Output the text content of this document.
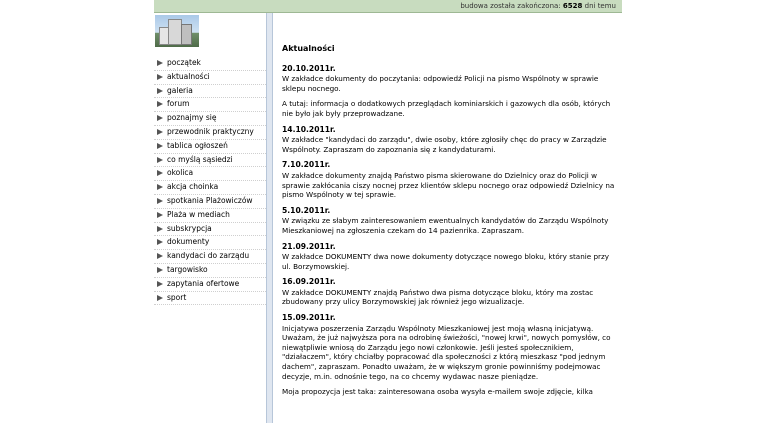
budowa została zakończona: 6528 dni temu
początek
aktualności
galeria
forum
poznajmy się
przewodnik praktyczny
tablica ogłoszeń
co myślą sąsiedzi
okolica
akcja choinka
spotkania Plażowiczów
Plaża w mediach
subskrypcja
dokumenty
kandydaci do zarządu
targowisko
zapytania ofertowe
sport
Aktualności
20.10.2011r.

W zakładce dokumenty do poczytania: odpowiedź Policji na pismo Wspólnoty w sprawie sklepu nocnego.

A tutaj: informacja o dodatkowych przeglądach kominiarskich i gazowych dla osób, których nie było jak były przeprowadzane.

14.10.2011r.

W zakładce "kandydaci do zarządu", dwie osoby, które zgłosiły chęc do pracy w Zarządzie Wspólnoty. Zapraszam do zapoznania się z kandydaturami.

7.10.2011r.

W zakładce dokumenty znajdą Państwo pisma skierowane do Dzielnicy oraz do Policji w sprawie zakłócania ciszy nocnej przez klientów sklepu nocnego oraz odpowiedź Dzielnicy na pismo Wspólnoty w tej sprawie.

5.10.2011r.

W związku ze słabym zainteresowaniem ewentualnych kandydatów do Zarządu Wspólnoty Mieszkaniowej na zgłoszenia czekam do 14 pazienrika. Zapraszam.

21.09.2011r.

W zakładce DOKUMENTY dwa nowe dokumenty dotyczące nowego bloku, który stanie przy ul. Borzymowskiej.

16.09.2011r.

W zakładce DOKUMENTY znajdą Państwo dwa pisma dotyczące bloku, który ma zostac zbudowany przy ulicy Borzymowskiej jak również jego wizualizacje.

15.09.2011r.

Inicjatywa poszerzenia Zarządu Wspólnoty Mieszkaniowej jest moją własną inicjatywą. Uważam, że już najwyższa pora na odrobinę świeżości, "nowej krwi", nowych pomysłów, co niewątpliwie wniosą do Zarządu jego nowi członkowie. Jeśli jesteś społecznikiem, "działaczem", który chciałby popracować dla społeczności z którą mieszkasz "pod jednym dachem", zapraszam. Ponadto uważam, że w większym gronie powinniśmy podejmowac decyzje, m.in. odnośnie tego, na co chcemy wydawac nasze pieniądze.

Moja propozycja jest taka: zainteresowana osoba wysyła e-mailem swoje zdjęcie, kilka
